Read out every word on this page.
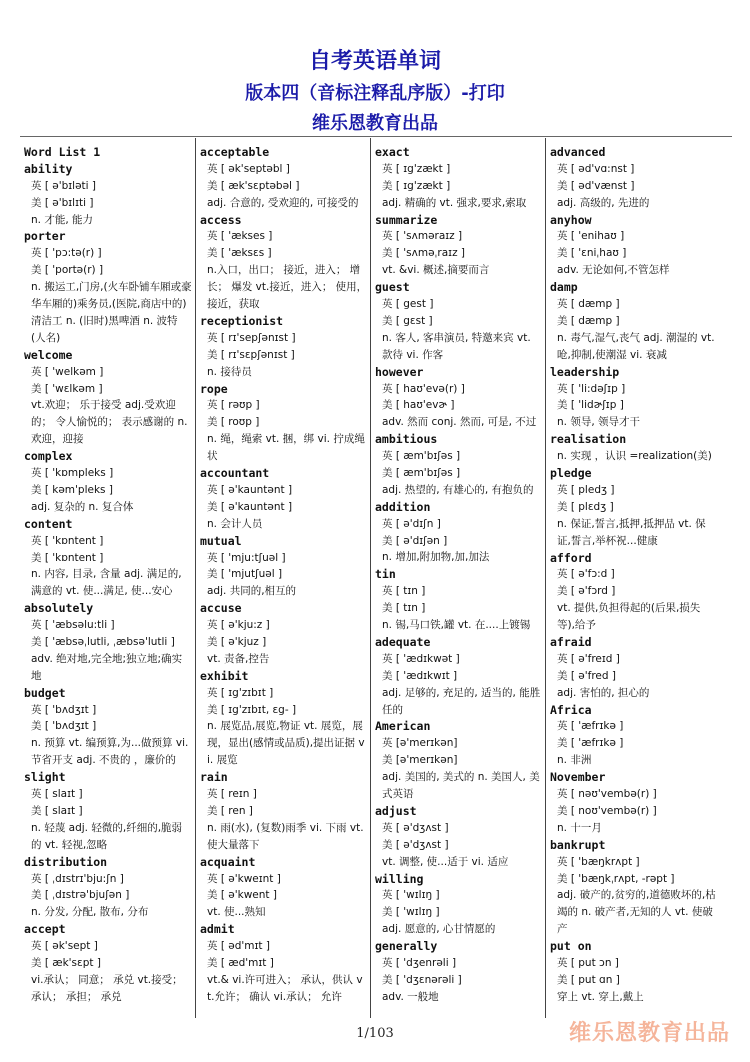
自考英语单词
版本四（音标注释乱序版）-打印
维乐恩教育出品
Word List 1
ability
英 [ ə'bɪləti ]
美 [ ə'bɪlɪti ]
n. 才能, 能力
porter
英 [ 'pɔ:tə(r) ]
美 [ 'portə(r) ]
n. 搬运工,门房,(火车卧铺车厢或豪华车厢的)乘务员,(医院,商店中的)清洁工 n. (旧时)黑啤酒 n. 波特(人名)
welcome
英 [ 'welkəm ]
美 [ 'wɛlkəm ]
vt.欢迎； 乐于接受 adj.受欢迎的； 令人愉悦的； 表示感谢的 n.欢迎，迎接
complex
英 [ 'kɒmpleks ]
美 [ kəm'pleks ]
adj. 复杂的 n. 复合体
content
英 [ 'kɒntent ]
美 [ 'kɒntent ]
n. 内容, 目录, 含量 adj. 满足的, 满意的 vt. 使...满足, 使...安心
absolutely
英 [ 'æbsəlu:tli ]
美 [ 'æbsəˌlutli, ˌæbsə'lutli ]
adv. 绝对地,完全地;独立地;确实地
budget
英 [ 'bʌdʒɪt ]
美 [ 'bʌdʒɪt ]
n. 预算 vt. 编预算,为...做预算 vi. 节省开支 adj. 不贵的 ，廉价的
slight
英 [ slaɪt ]
美 [ slaɪt ]
n. 轻蔑 adj. 轻微的,纤细的,脆弱的 vt. 轻视,忽略
distribution
英 [ ˌdɪstrɪ'bju:ʃn ]
美 [ ˌdɪstrə'bjuʃən ]
n. 分发, 分配, 散布, 分布
accept
英 [ ək'sept ]
美 [ æk'sɛpt ]
vi.承认； 同意； 承兑 vt.接受； 承认； 承担； 承兑
acceptable
英 [ ək'septəbl ]
美 [ æk'sɛptəbəl ]
adj. 合意的, 受欢迎的, 可接受的
access
英 [ 'ækses ]
美 [ 'æksɛs ]
n.入口，出口； 接近，进入； 增长； 爆发 vt.接近，进入； 使用，接近，获取
receptionist
英 [ rɪ'sepʃənɪst ]
美 [ rɪ'sɛpʃənɪst ]
n. 接待员
rope
英 [ rəʊp ]
美 [ roʊp ]
n. 绳，绳索 vt. 捆，绑 vi. 拧成绳状
accountant
英 [ ə'kauntənt ]
美 [ ə'kauntənt ]
n. 会计人员
mutual
英 [ 'mju:tʃuəl ]
美 [ 'mjutʃuəl ]
adj. 共同的,相互的
accuse
英 [ ə'kju:z ]
美 [ ə'kjuz ]
vt. 责备,控告
exhibit
英 [ ɪg'zɪbɪt ]
美 [ ɪg'zɪbɪt, ɛg- ]
n. 展览品,展览,物证 vt. 展览，展现，显出(感情或品质),提出证据 vi. 展览
rain
英 [ reɪn ]
美 [ ren ]
n. 雨(水), (复数)雨季 vi. 下雨 vt. 使大量落下
acquaint
英 [ ə'kweɪnt ]
美 [ ə'kwent ]
vt. 使...熟知
admit
英 [ əd'mɪt ]
美 [ æd'mɪt ]
vt.& vi.许可进入； 承认，供认 vt.允许； 确认 vi.承认； 允许
exact
英 [ ɪg'zækt ]
美 [ ɪg'zækt ]
adj. 精确的 vt. 强求,要求,索取
summarize
英 [ 'sʌməraɪz ]
美 [ 'sʌməˌraɪz ]
vt. &vi. 概述,摘要而言
guest
英 [ gest ]
美 [ gɛst ]
n. 客人, 客串演员, 特邀来宾 vt. 款待 vi. 作客
however
英 [ haʊ'evə(r) ]
美 [ haʊ'evɚ ]
adv. 然而 conj. 然而, 可是, 不过
ambitious
英 [ æm'bɪʃəs ]
美 [ æm'bɪʃəs ]
adj. 热望的, 有雄心的, 有抱负的
addition
英 [ ə'dɪʃn ]
美 [ ə'dɪʃən ]
n. 增加,附加物,加,加法
tin
英 [ tɪn ]
美 [ tɪn ]
n. 锡,马口铁,罐 vt. 在....上镀锡
adequate
英 [ 'ædɪkwət ]
美 [ 'ædɪkwɪt ]
adj. 足够的, 充足的, 适当的, 能胜任的
American
英 [ə'merɪkən]
美 [ə'merɪkən]
adj. 美国的, 美式的 n. 美国人, 美式英语
adjust
英 [ ə'dʒʌst ]
美 [ ə'dʒʌst ]
vt. 调整, 使...适于 vi. 适应
willing
英 [ 'wɪlɪŋ ]
美 [ 'wɪlɪŋ ]
adj. 愿意的, 心甘情愿的
generally
英 [ 'dʒenrəli ]
美 [ 'dʒɛnərəli ]
adv. 一般地
advanced
英 [ əd'vɑ:nst ]
美 [ əd'vænst ]
adj. 高级的, 先进的
anyhow
英 [ 'enihaʊ ]
美 [ 'ɛniˌhaʊ ]
adv. 无论如何,不管怎样
damp
英 [ dæmp ]
美 [ dæmp ]
n. 毒气,湿气,丧气 adj. 潮湿的 vt. 呛,抑制,使潮湿 vi. 衰减
leadership
英 [ 'li:dəʃɪp ]
美 [ 'lidɚʃɪp ]
n. 领导, 领导才干
realisation
n. 实现 ，认识 =realization(美)
pledge
英 [ pledʒ ]
美 [ plɛdʒ ]
n. 保证,誓言,抵押,抵押品 vt. 保证,誓言,举杯祝...健康
afford
英 [ ə'fɔ:d ]
美 [ ə'fɔrd ]
vt. 提供,负担得起的(后果,损失等),给予
afraid
英 [ ə'freɪd ]
美 [ ə'fred ]
adj. 害怕的, 担心的
Africa
英 [ 'æfrɪkə ]
美 [ 'æfrɪkə ]
n. 非洲
November
英 [ nəʊ'vembə(r) ]
美 [ noʊ'vembə(r) ]
n. 十一月
bankrupt
英 [ 'bæŋkrʌpt ]
美 [ 'bæŋkˌrʌpt, -rəpt ]
adj. 破产的,贫穷的,道德败坏的,枯竭的 n. 破产者,无知的人 vt. 使破产
put on
英 [ put ɔn ]
美 [ put ɑn ]
穿上 vt. 穿上,戴上
1/103	维乐恩教育出品
